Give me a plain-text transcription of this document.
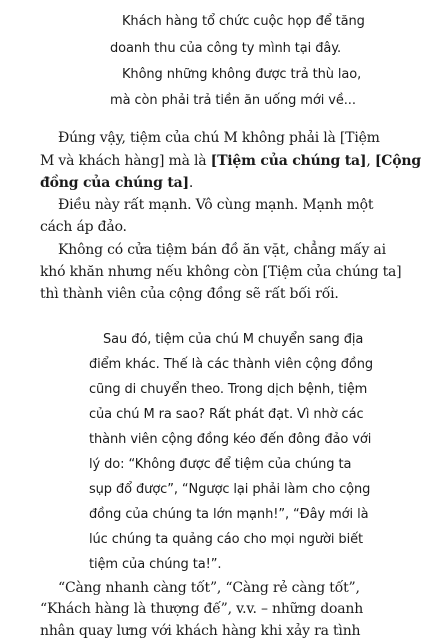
Khách hàng tổ chức cuộc họp để tăng
doanh thu của công ty mình tại đây.
Không những không được trả thù lao,
mà còn phải trả tiền ăn uống mới về...
Đúng vậy, tiệm của chú M không phải là [Tiệm
M và khách hàng] mà là [Tiệm của chúng ta], [Cộng
đồng của chúng ta].
Điều này rất mạnh. Vô cùng mạnh. Mạnh một
cách áp đảo.
Không có cửa tiệm bán đồ ăn vặt, chẳng mấy ai
khó khăn nhưng nếu không còn [Tiệm của chúng ta]
thì thành viên của cộng đồng sẽ rất bối rối.
Sau đó, tiệm của chú M chuyển sang địa
điểm khác. Thế là các thành viên cộng đồng
cũng di chuyển theo. Trong dịch bệnh, tiệm
của chú M ra sao? Rất phát đạt. Vì nhờ các
thành viên cộng đồng kéo đến đông đảo với
lý do: “Không được để tiệm của chúng ta
sụp đổ được”, “Ngược lại phải làm cho cộng
đồng của chúng ta lớn mạnh!”, “Đây mới là
lúc chúng ta quảng cáo cho mọi người biết
tiệm của chúng ta!”.
“Càng nhanh càng tốt”, “Càng rẻ càng tốt”,
“Khách hàng là thượng đế”, v.v. – những doanh
nhân quay lưng với khách hàng khi xảy ra tình
